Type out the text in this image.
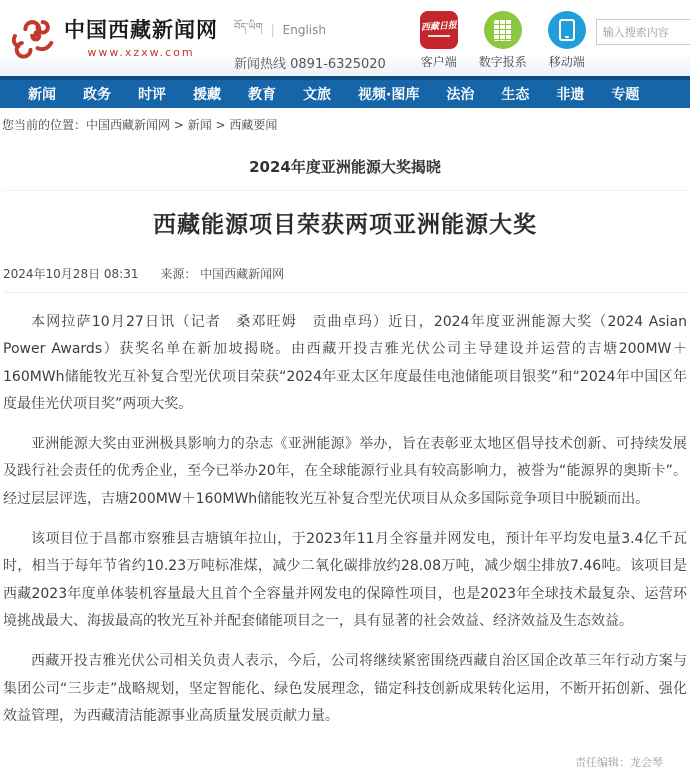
中国西藏新闻网
www.xzxw.com
བོད་ཡིག | English
新闻热线 0891-6325020
西藏日报
客户端	数字报系	移动端
输入搜索内容
新闻 政务 时评 援藏 教育 文旅 视频·图库 法治 生态 非遗 专题
您当前的位置： 中国西藏新闻网 > 新闻 > 西藏要闻
2024年度亚洲能源大奖揭晓
西藏能源项目荣获两项亚洲能源大奖
2024年10月28日 08:31 来源： 中国西藏新闻网

本网拉萨10月27日讯（记者　桑邓旺姆　贡曲卓玛）近日，2024年度亚洲能源大奖（2024 Asian Power Awards）获奖名单在新加坡揭晓。由西藏开投吉雅光伏公司主导建设并运营的吉塘200MW＋160MWh储能牧光互补复合型光伏项目荣获“2024年亚太区年度最佳电池储能项目银奖”和“2024年中国区年度最佳光伏项目奖”两项大奖。

亚洲能源大奖由亚洲极具影响力的杂志《亚洲能源》举办，旨在表彰亚太地区倡导技术创新、可持续发展及践行社会责任的优秀企业，至今已举办20年，在全球能源行业具有较高影响力，被誉为“能源界的奥斯卡”。经过层层评选，吉塘200MW＋160MWh储能牧光互补复合型光伏项目从众多国际竞争项目中脱颖而出。

该项目位于昌都市察雅县吉塘镇年拉山，于2023年11月全容量并网发电，预计年平均发电量3.4亿千瓦时，相当于每年节省约10.23万吨标准煤，减少二氧化碳排放约28.08万吨，减少烟尘排放7.46吨。该项目是西藏2023年度单体装机容量最大且首个全容量并网发电的保障性项目，也是2023年全球技术最复杂、运营环境挑战最大、海拔最高的牧光互补并配套储能项目之一，具有显著的社会效益、经济效益及生态效益。

西藏开投吉雅光伏公司相关负责人表示，今后，公司将继续紧密围绕西藏自治区国企改革三年行动方案与集团公司“三步走”战略规划，坚定智能化、绿色发展理念，锚定科技创新成果转化运用，不断开拓创新、强化效益管理，为西藏清洁能源事业高质量发展贡献力量。

责任编辑：龙会琴
